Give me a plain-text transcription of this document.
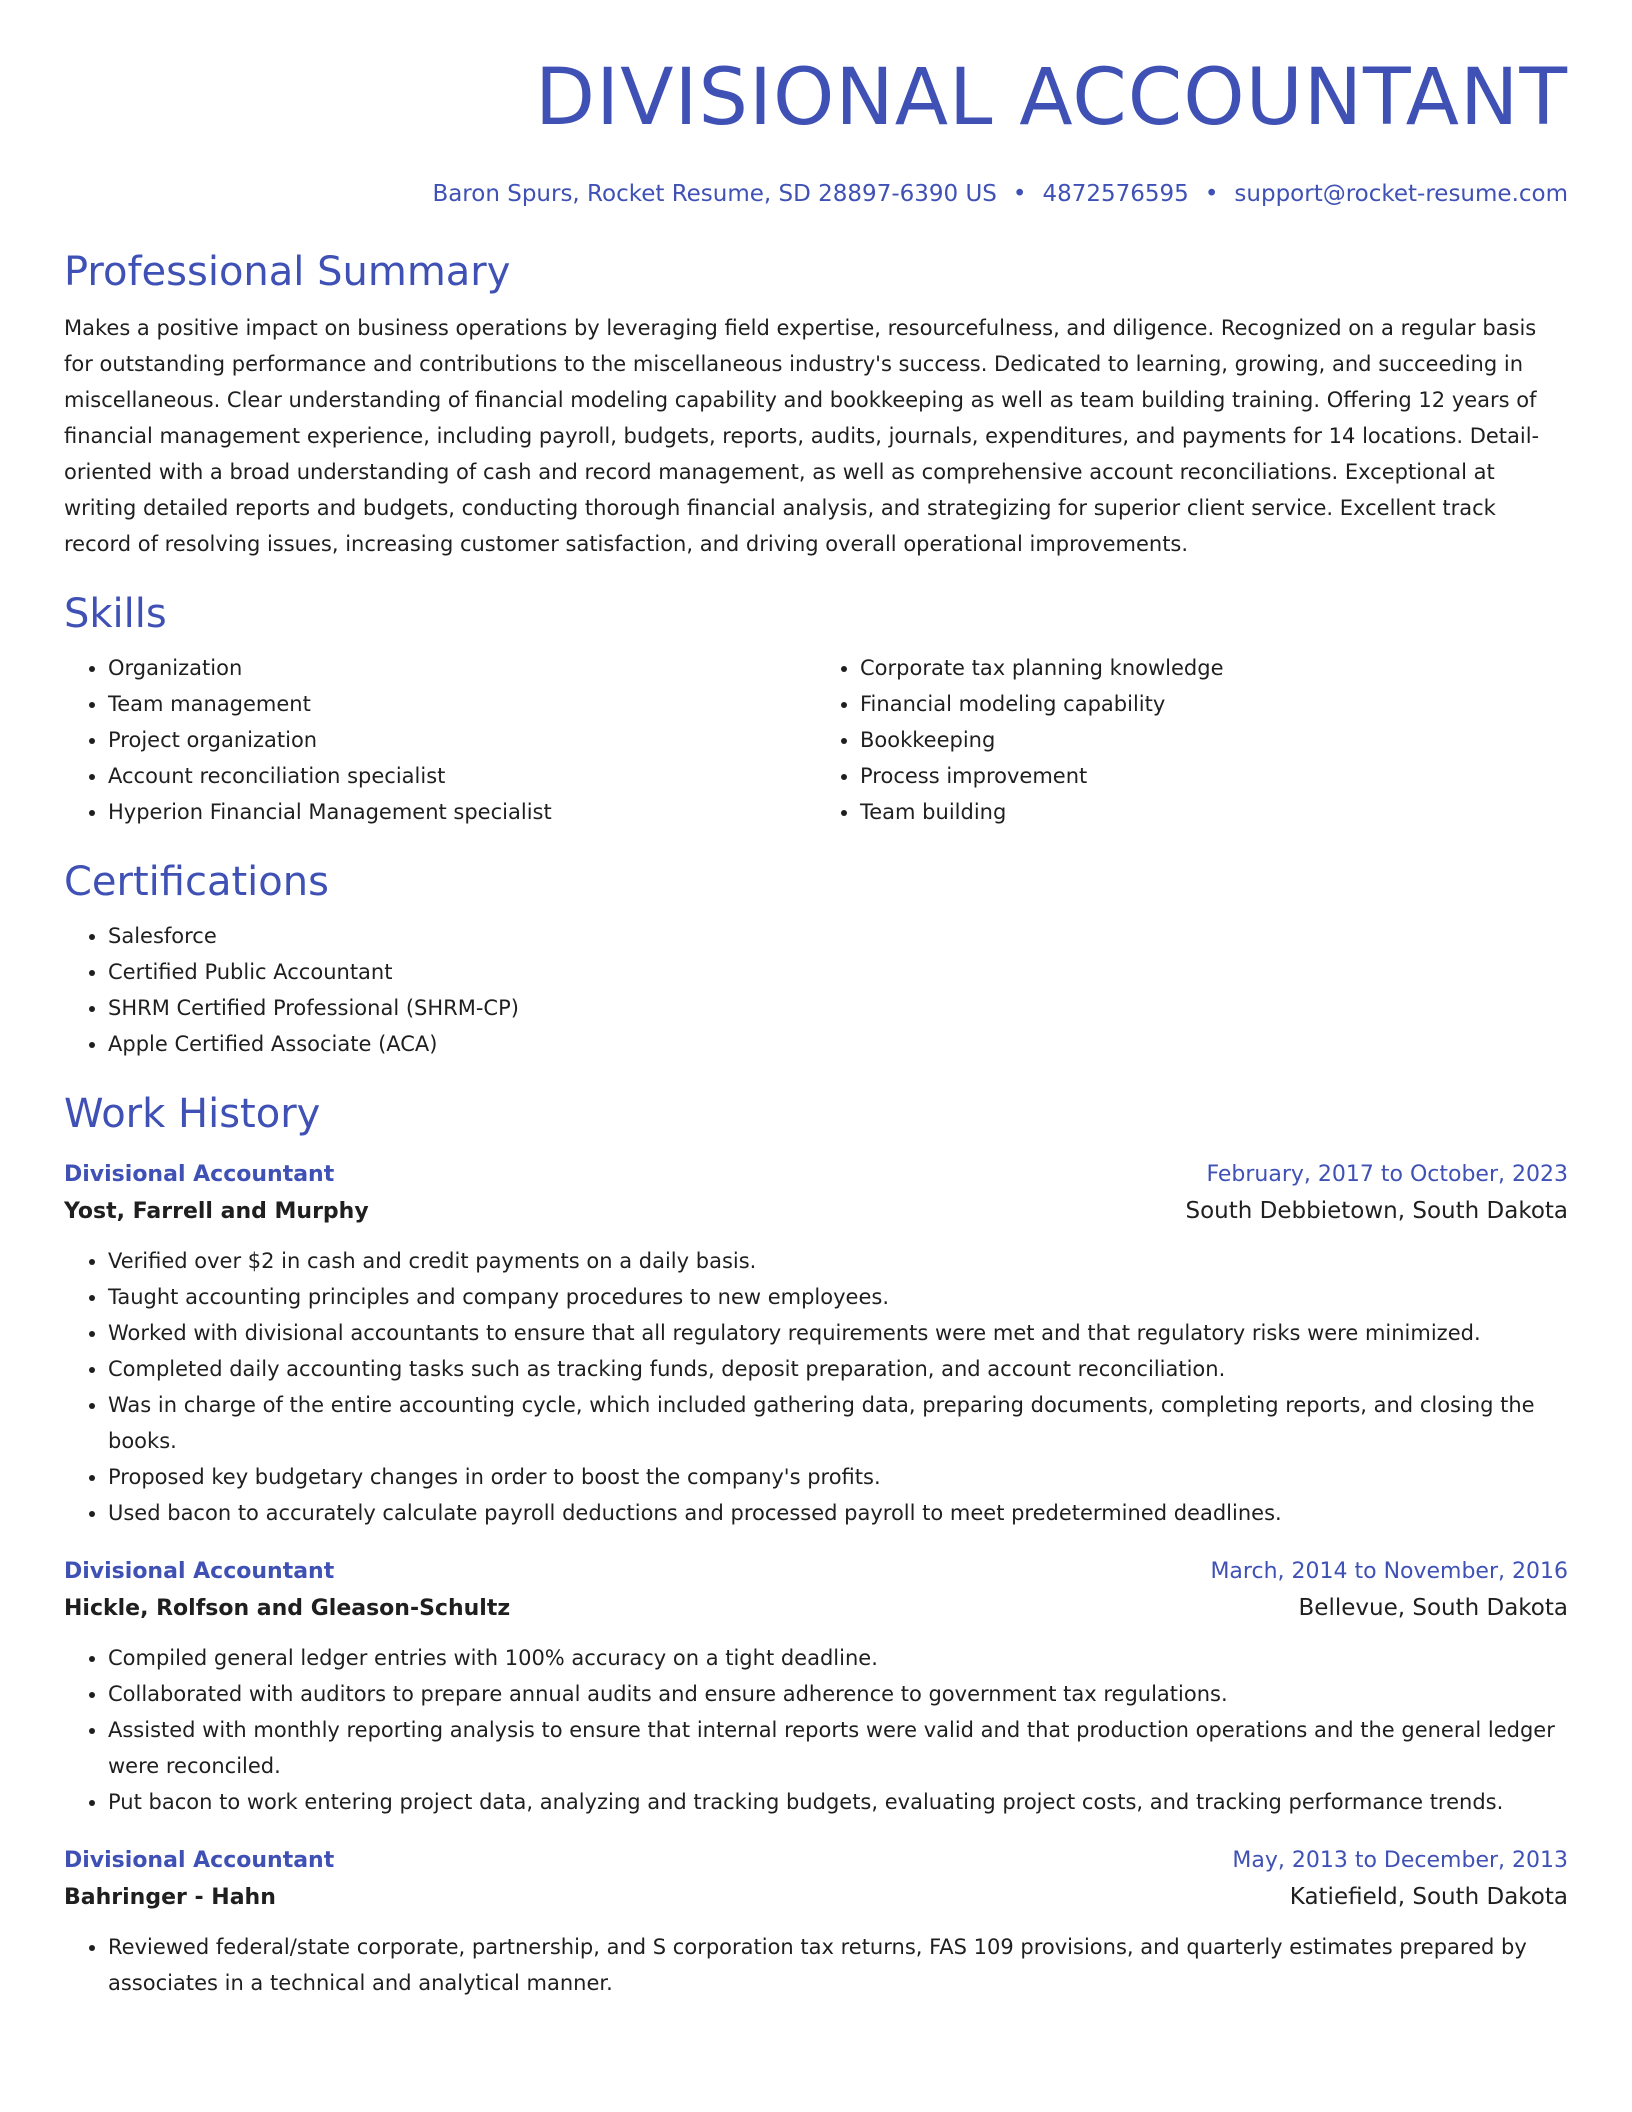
DIVISIONAL ACCOUNTANT
Baron Spurs, Rocket Resume, SD 28897-6390 US • 4872576595 • support@rocket-resume.com
Professional Summary

Makes a positive impact on business operations by leveraging field expertise, resourcefulness, and diligence. Recognized on a regular basis for outstanding performance and contributions to the miscellaneous industry's success. Dedicated to learning, growing, and succeeding in miscellaneous. Clear understanding of financial modeling capability and bookkeeping as well as team building training. Offering 12 years of financial management experience, including payroll, budgets, reports, audits, journals, expenditures, and payments for 14 locations. Detail-oriented with a broad understanding of cash and record management, as well as comprehensive account reconciliations. Exceptional at writing detailed reports and budgets, conducting thorough financial analysis, and strategizing for superior client service. Excellent track record of resolving issues, increasing customer satisfaction, and driving overall operational improvements.

Skills
• Organization
• Team management
• Project organization
• Account reconciliation specialist
• Hyperion Financial Management specialist
• Corporate tax planning knowledge
• Financial modeling capability
• Bookkeeping
• Process improvement
• Team building
Certifications
• Salesforce
• Certified Public Accountant
• SHRM Certified Professional (SHRM-CP)
• Apple Certified Associate (ACA)
Work History
Divisional Accountant	February, 2017 to October, 2023
Yost, Farrell and Murphy	South Debbietown, South Dakota
• Verified over $2 in cash and credit payments on a daily basis.
• Taught accounting principles and company procedures to new employees.
• Worked with divisional accountants to ensure that all regulatory requirements were met and that regulatory risks were minimized.
• Completed daily accounting tasks such as tracking funds, deposit preparation, and account reconciliation.
• Was in charge of the entire accounting cycle, which included gathering data, preparing documents, completing reports, and closing the books.
• Proposed key budgetary changes in order to boost the company's profits.
• Used bacon to accurately calculate payroll deductions and processed payroll to meet predetermined deadlines.
Divisional Accountant	March, 2014 to November, 2016
Hickle, Rolfson and Gleason-Schultz	Bellevue, South Dakota
• Compiled general ledger entries with 100% accuracy on a tight deadline.
• Collaborated with auditors to prepare annual audits and ensure adherence to government tax regulations.
• Assisted with monthly reporting analysis to ensure that internal reports were valid and that production operations and the general ledger were reconciled.
• Put bacon to work entering project data, analyzing and tracking budgets, evaluating project costs, and tracking performance trends.
Divisional Accountant	May, 2013 to December, 2013
Bahringer - Hahn	Katiefield, South Dakota
• Reviewed federal/state corporate, partnership, and S corporation tax returns, FAS 109 provisions, and quarterly estimates prepared by associates in a technical and analytical manner.
